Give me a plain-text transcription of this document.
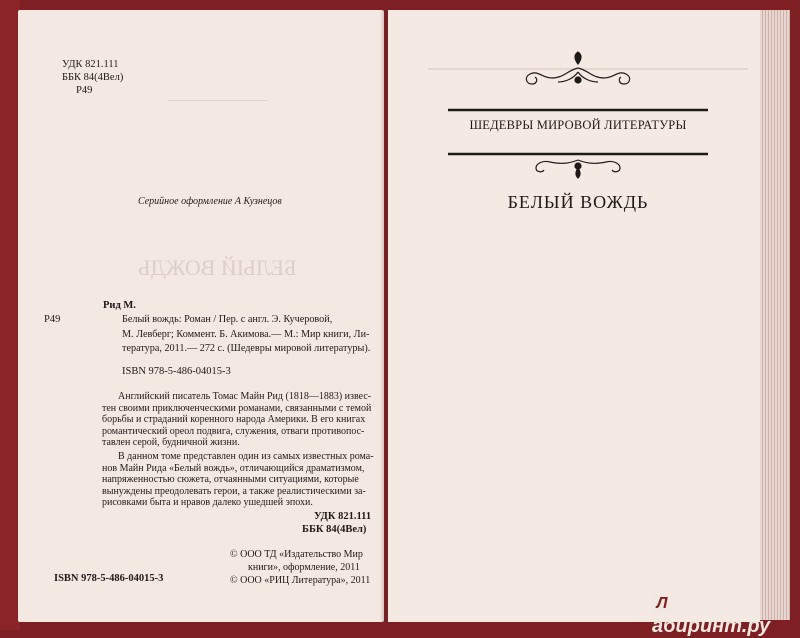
БЕЛЫЙ ВОЖДЬ
УДК 821.111
ББК 84(4Вел)
Р49
Серийное оформление А Кузнецов
Рид М.
Р49	Белый вождь: Роман / Пер. с англ. Э. Кучеровой,
М. Левберг; Коммент. Б. Акимова.— М.: Мир книги, Ли-
тература, 2011.— 272 с. (Шедевры мировой литературы).
ISBN 978-5-486-04015-3
Английский писатель Томас Майн Рид (1818—1883) извес-
тен своими приключенческими романами, связанными с темой
борьбы и страданий коренного народа Америки. В его книгах
романтический ореол подвига, служения, отваги противопос-
тавлен серой, будничной жизни.
В данном томе представлен один из самых известных рома-
нов Майн Рида «Белый вождь», отличающийся драматизмом,
напряженностью сюжета, отчаянными ситуациями, которые
вынуждены преодолевать герои, а также реалистическими за-
рисовками быта и нравов далеко ушедшей эпохи.
УДК 821.111
ББК 84(4Вел)
© ООО ТД «Издательство Мир
книги», оформление, 2011
© ООО «РИЦ Литература», 2011
ISBN 978-5-486-04015-3
ШЕДЕВРЫ МИРОВОЙ ЛИТЕРАТУРЫ
БЕЛЫЙ ВОЖДЬ
Лабиринт.ру
